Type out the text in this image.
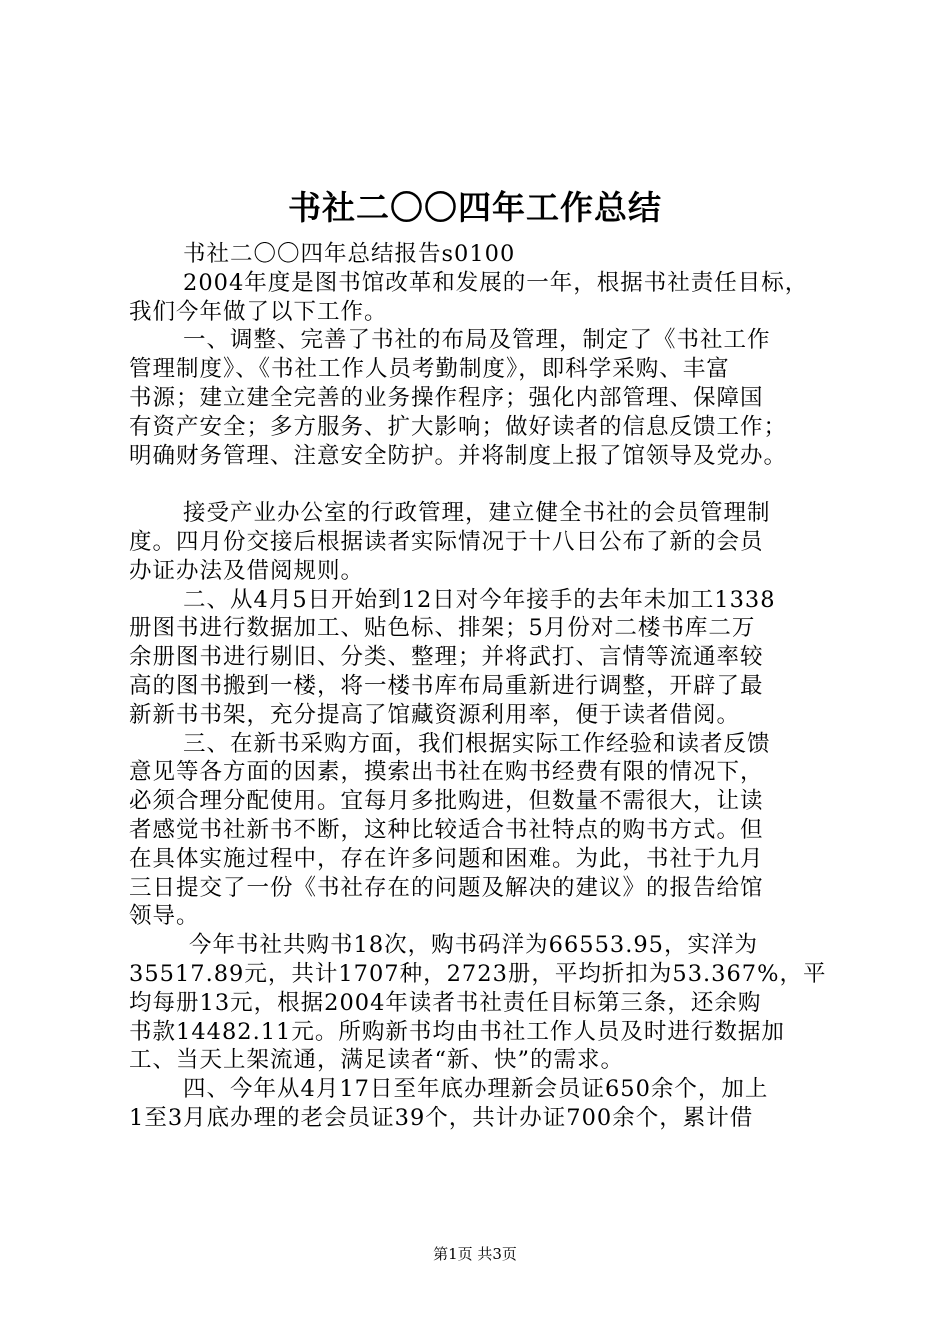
书社二〇〇四年工作总结
书社二〇〇四年总结报告s0100
2004年度是图书馆改革和发展的一年，根据书社责任目标，
我们今年做了以下工作。
一、调整、完善了书社的布局及管理，制定了《书社工作
管理制度》、《书社工作人员考勤制度》，即科学采购、丰富
书源；建立建全完善的业务操作程序；强化内部管理、保障国
有资产安全；多方服务、扩大影响；做好读者的信息反馈工作；
明确财务管理、注意安全防护。并将制度上报了馆领导及党办。
接受产业办公室的行政管理，建立健全书社的会员管理制
度。四月份交接后根据读者实际情况于十八日公布了新的会员
办证办法及借阅规则。
二、从4月5日开始到12日对今年接手的去年未加工1338
册图书进行数据加工、贴色标、排架；5月份对二楼书库二万
余册图书进行剔旧、分类、整理；并将武打、言情等流通率较
高的图书搬到一楼，将一楼书库布局重新进行调整，开辟了最
新新书书架，充分提高了馆藏资源利用率，便于读者借阅。
三、在新书采购方面，我们根据实际工作经验和读者反馈
意见等各方面的因素，摸索出书社在购书经费有限的情况下，
必须合理分配使用。宜每月多批购进，但数量不需很大，让读
者感觉书社新书不断，这种比较适合书社特点的购书方式。但
在具体实施过程中，存在许多问题和困难。为此，书社于九月
三日提交了一份《书社存在的问题及解决的建议》的报告给馆
领导。
今年书社共购书18次，购书码洋为66553.95，实洋为
35517.89元，共计1707种，2723册，平均折扣为53.367%，平
均每册13元，根据2004年读者书社责任目标第三条，还余购
书款14482.11元。所购新书均由书社工作人员及时进行数据加
工、当天上架流通，满足读者“新、快”的需求。
四、今年从4月17日至年底办理新会员证650余个，加上
1至3月底办理的老会员证39个，共计办证700余个，累计借
第1页 共3页
